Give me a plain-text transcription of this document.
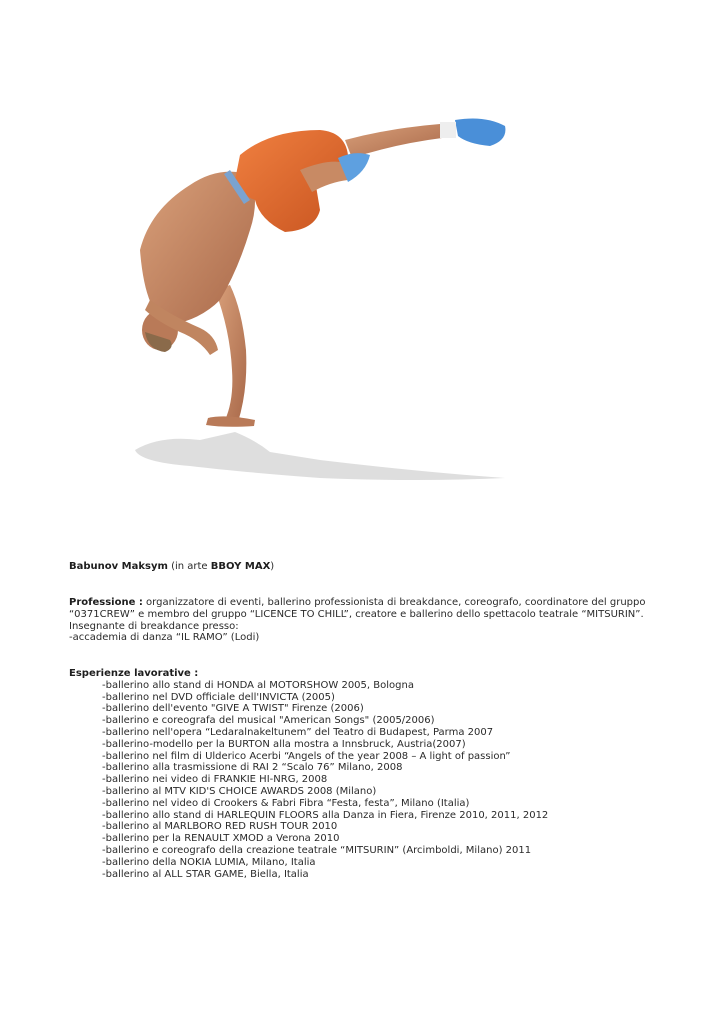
Babunov Maksym (in arte BBOY MAX)

Professione : organizzatore di eventi, ballerino professionista di breakdance, coreografo, coordinatore del gruppo “0371CREW” e membro del gruppo “LICENCE TO CHILL”, creatore e ballerino dello spettacolo teatrale “MITSURIN”.

Insegnante di breakdance presso:

-accademia di danza “IL RAMO” (Lodi)

Esperienze lavorative :

-ballerino allo stand di HONDA al MOTORSHOW 2005, Bologna
-ballerino nel DVD officiale dell'INVICTA (2005)
-ballerino dell'evento "GIVE A TWIST" Firenze (2006)
-ballerino e coreografa del musical "American Songs" (2005/2006)
-ballerino nell'opera “Ledaralnakeltunem” del Teatro di Budapest, Parma 2007
-ballerino-modello per la BURTON alla mostra a Innsbruck, Austria(2007)
-ballerino nel film di Ulderico Acerbi “Angels of the year 2008 – A light of passion”
-ballerino alla trasmissione di RAI 2 “Scalo 76” Milano, 2008
-ballerino nei video di FRANKIE HI-NRG, 2008
-ballerino al MTV KID'S CHOICE AWARDS 2008 (Milano)
-ballerino nel video di Crookers & Fabri Fibra “Festa, festa”, Milano (Italia)
-ballerino allo stand di HARLEQUIN FLOORS alla Danza in Fiera, Firenze 2010, 2011, 2012
-ballerino al MARLBORO RED RUSH TOUR 2010
-ballerino per la RENAULT XMOD a Verona 2010
-ballerino e coreografo della creazione teatrale “MITSURIN” (Arcimboldi, Milano) 2011
-ballerino della NOKIA LUMIA, Milano, Italia
-ballerino al ALL STAR GAME, Biella, Italia
